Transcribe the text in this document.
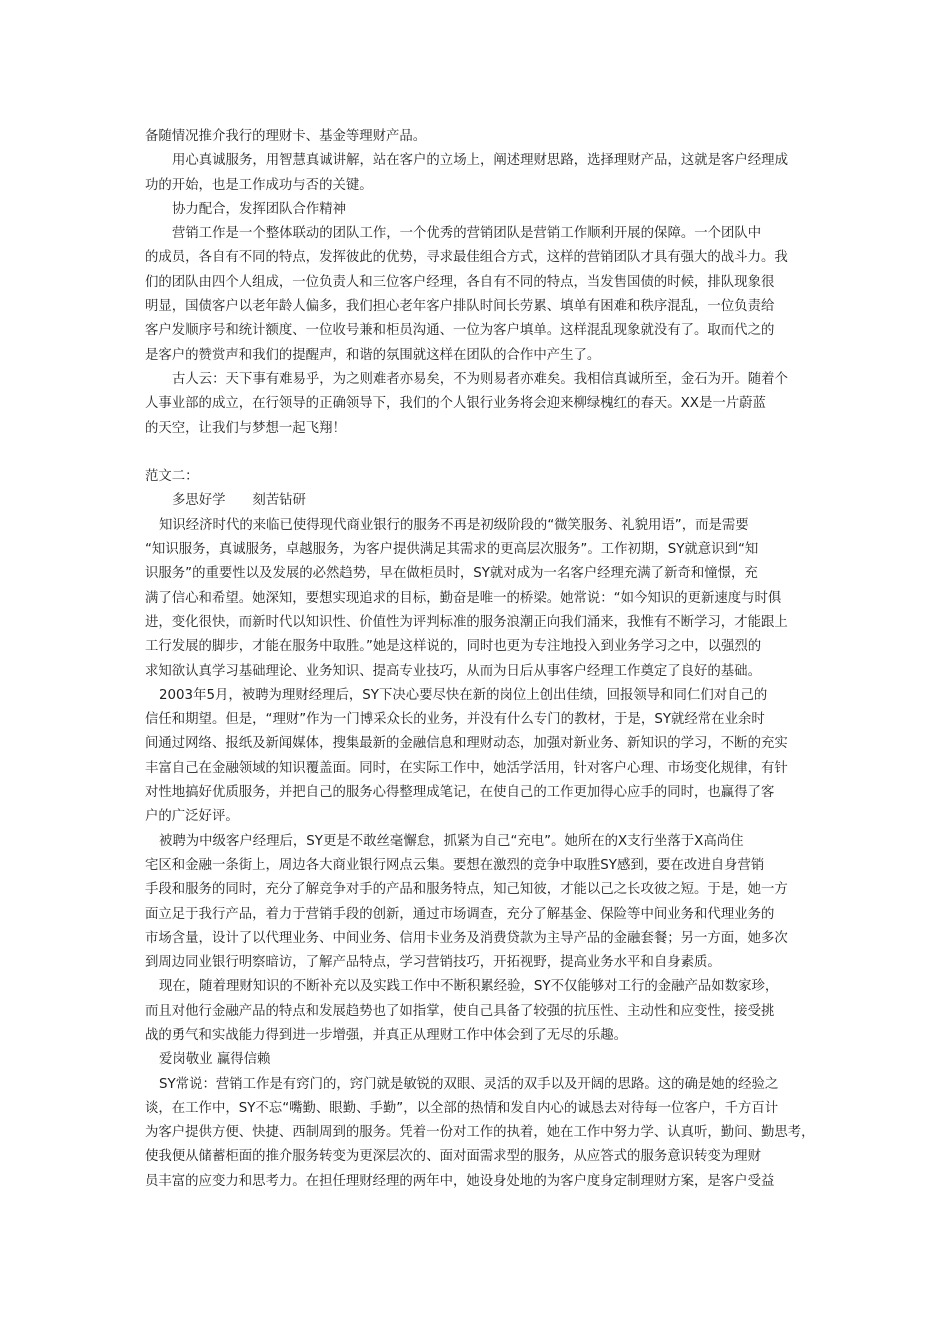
备随情况推介我行的理财卡、基金等理财产品。
用心真诚服务，用智慧真诚讲解，站在客户的立场上，阐述理财思路，选择理财产品，这就是客户经理成
功的开始，也是工作成功与否的关键。
协力配合，发挥团队合作精神
营销工作是一个整体联动的团队工作，一个优秀的营销团队是营销工作顺利开展的保障。一个团队中
的成员，各自有不同的特点，发挥彼此的优势，寻求最佳组合方式，这样的营销团队才具有强大的战斗力。我
们的团队由四个人组成，一位负责人和三位客户经理，各自有不同的特点，当发售国债的时候，排队现象很
明显，国债客户以老年龄人偏多，我们担心老年客户排队时间长劳累、填单有困难和秩序混乱，一位负责给
客户发顺序号和统计额度、一位收号兼和柜员沟通、一位为客户填单。这样混乱现象就没有了。取而代之的
是客户的赞赏声和我们的提醒声，和谐的氛围就这样在团队的合作中产生了。
古人云：天下事有难易乎，为之则难者亦易矣，不为则易者亦难矣。我相信真诚所至，金石为开。随着个
人事业部的成立，在行领导的正确领导下，我们的个人银行业务将会迎来柳绿槐红的春天。XX是一片蔚蓝
的天空，让我们与梦想一起飞翔！
范文二：
多思好学　　刻苦钻研
知识经济时代的来临已使得现代商业银行的服务不再是初级阶段的“微笑服务、礼貌用语”，而是需要
“知识服务，真诚服务，卓越服务，为客户提供满足其需求的更高层次服务”。工作初期，SY就意识到“知
识服务”的重要性以及发展的必然趋势，早在做柜员时，SY就对成为一名客户经理充满了新奇和憧憬，充
满了信心和希望。她深知，要想实现追求的目标，勤奋是唯一的桥梁。她常说：“如今知识的更新速度与时俱
进，变化很快，而新时代以知识性、价值性为评判标准的服务浪潮正向我们涌来，我惟有不断学习，才能跟上
工行发展的脚步，才能在服务中取胜。”她是这样说的，同时也更为专注地投入到业务学习之中，以强烈的
求知欲认真学习基础理论、业务知识、提高专业技巧，从而为日后从事客户经理工作奠定了良好的基础。
2003年5月，被聘为理财经理后，SY下决心要尽快在新的岗位上创出佳绩，回报领导和同仁们对自己的
信任和期望。但是，“理财”作为一门博采众长的业务，并没有什么专门的教材，于是，SY就经常在业余时
间通过网络、报纸及新闻媒体，搜集最新的金融信息和理财动态，加强对新业务、新知识的学习，不断的充实
丰富自己在金融领域的知识覆盖面。同时，在实际工作中，她活学活用，针对客户心理、市场变化规律，有针
对性地搞好优质服务，并把自己的服务心得整理成笔记，在使自己的工作更加得心应手的同时，也赢得了客
户的广泛好评。
被聘为中级客户经理后，SY更是不敢丝毫懈怠，抓紧为自己“充电”。她所在的X支行坐落于X高尚住
宅区和金融一条街上，周边各大商业银行网点云集。要想在激烈的竞争中取胜SY感到，要在改进自身营销
手段和服务的同时，充分了解竞争对手的产品和服务特点，知己知彼，才能以己之长攻彼之短。于是，她一方
面立足于我行产品，着力于营销手段的创新，通过市场调查，充分了解基金、保险等中间业务和代理业务的
市场含量，设计了以代理业务、中间业务、信用卡业务及消费贷款为主导产品的金融套餐；另一方面，她多次
到周边同业银行明察暗访，了解产品特点，学习营销技巧，开拓视野，提高业务水平和自身素质。
现在，随着理财知识的不断补充以及实践工作中不断积累经验，SY不仅能够对工行的金融产品如数家珍，
而且对他行金融产品的特点和发展趋势也了如指掌，使自己具备了较强的抗压性、主动性和应变性，接受挑
战的勇气和实战能力得到进一步增强，并真正从理财工作中体会到了无尽的乐趣。
爱岗敬业 赢得信赖
SY常说：营销工作是有窍门的，窍门就是敏锐的双眼、灵活的双手以及开阔的思路。这的确是她的经验之
谈，在工作中，SY不忘“嘴勤、眼勤、手勤”，以全部的热情和发自内心的诚恳去对待每一位客户，千方百计
为客户提供方便、快捷、西制周到的服务。凭着一份对工作的执着，她在工作中努力学、认真听，勤问、勤思考，
使我便从储蓄柜面的推介服务转变为更深层次的、面对面需求型的服务，从应答式的服务意识转变为理财
员丰富的应变力和思考力。在担任理财经理的两年中，她设身处地的为客户度身定制理财方案，是客户受益
